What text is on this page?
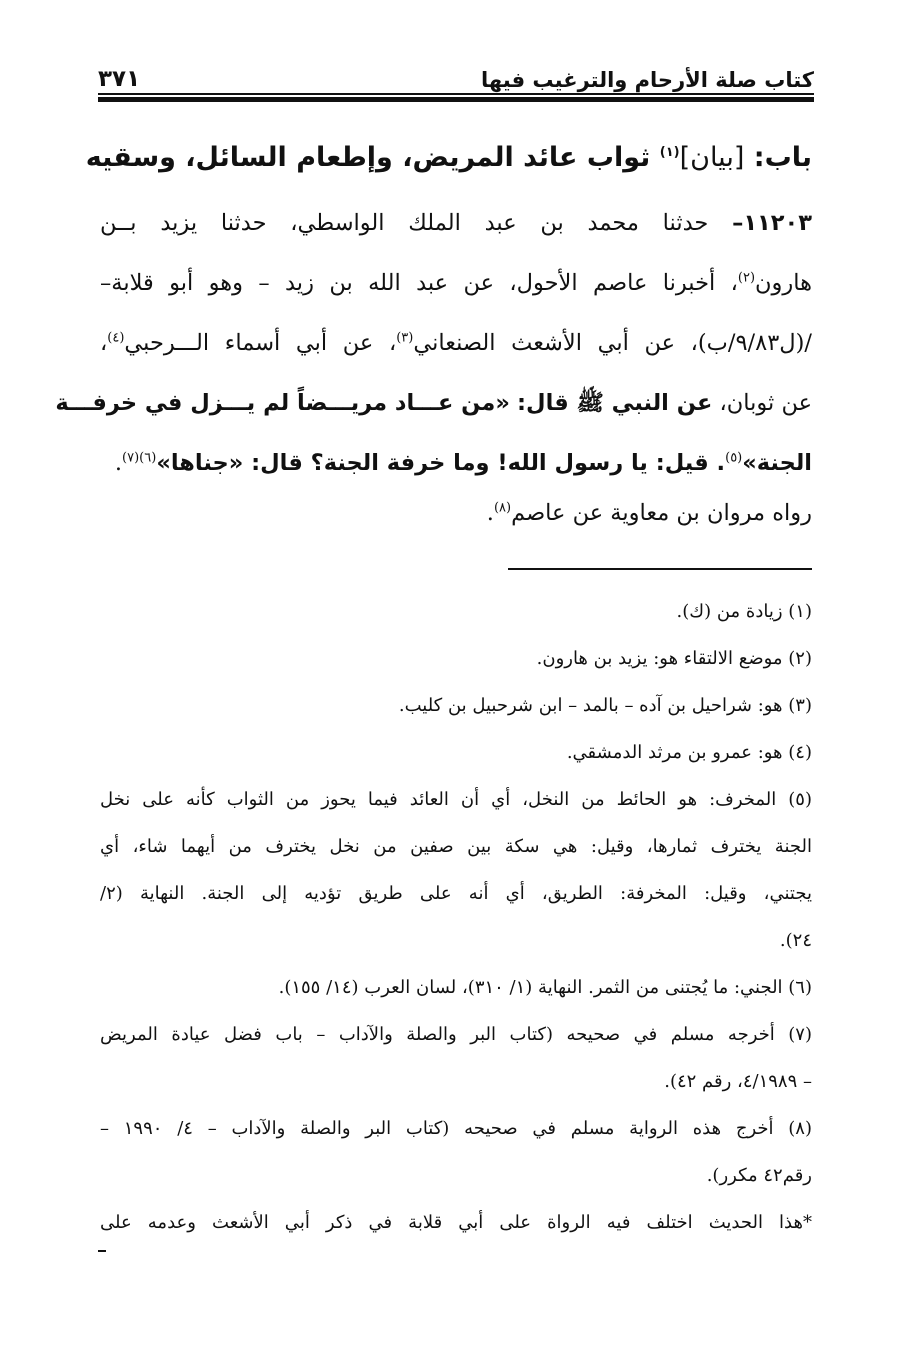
كتاب صلة الأرحام والترغيب فيها
٣٧١
باب: [بيان]$^{(١)}$ ثواب عائد المريض، وإطعام السائل، وسقيه
١١٢٠٣– حدثنا محمد بن عبد الملك الواسطي، حدثنا يزيد بــن
هارون$^{(٢)}$، أخبرنا عاصم الأحول، عن عبد الله بن زيد – وهو أبو قلابة–
/(ل٩/٨٣/ب)، عن أبي الأشعث الصنعاني$^{(٣)}$، عن أبي أسماء الـــرحبي$^{(٤)}$،
عن ثوبان، عن النبي ﷺ قال: «من عـــاد مريـــضاً لم يـــزل في خرفـــة
الجنة»$^{(٥)}$. قيل: يا رسول الله! وما خرفة الجنة؟ قال: «جناها»$^{(٦)(٧)}$.
رواه مروان بن معاوية عن عاصم$^{(٨)}$.
(١) زيادة من (ك).
(٢) موضع الالتقاء هو: يزيد بن هارون.
(٣) هو: شراحيل بن آده – بالمد – ابن شرحبيل بن كليب.
(٤) هو: عمرو بن مرثد الدمشقي.
(٥) المخرف: هو الحائط من النخل، أي أن العائد فيما يحوز من الثواب كأنه على نخل
الجنة يخترف ثمارها، وقيل: هي سكة بين صفين من نخل يخترف من أيهما شاء، أي
يجتني، وقيل: المخرفة: الطريق، أي أنه على طريق تؤديه إلى الجنة. النهاية (٢/
٢٤).
(٦) الجني: ما يُجتنى من الثمر. النهاية (١/ ٣١٠)، لسان العرب (١٤/ ١٥٥).
(٧) أخرجه مسلم في صحيحه (كتاب البر والصلة والآداب – باب فضل عيادة المريض
– ٤/١٩٨٩، رقم ٤٢).
(٨) أخرج هذه الرواية مسلم في صحيحه (كتاب البر والصلة والآداب – ٤/ ١٩٩٠ –
رقم٤٢ مكرر).
*هذا الحديث اختلف فيه الرواة على أبي قلابة في ذكر أبي الأشعث وعدمه على
